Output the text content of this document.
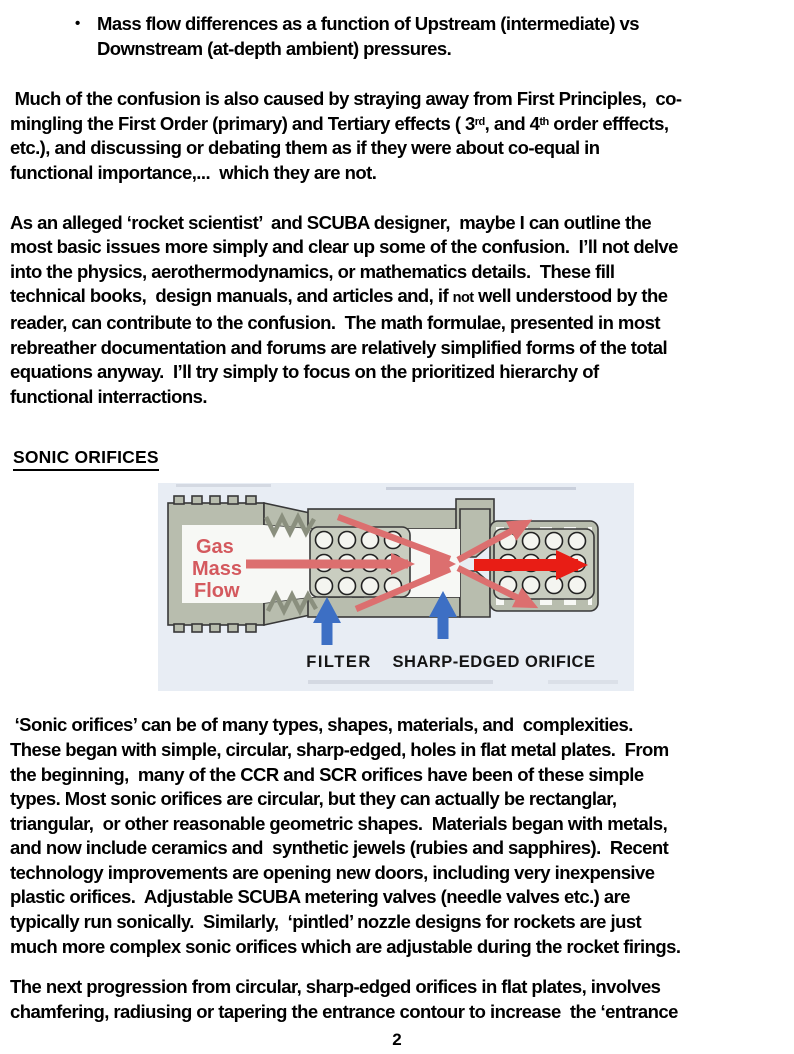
• Mass flow differences as a function of Upstream (intermediate) vs
Downstream (at-depth ambient) pressures.
Much of the confusion is also caused by straying away from First Principles,  co-
mingling the First Order (primary) and Tertiary effects ( 3rd, and 4th order efffects,
etc.), and discussing or debating them as if they were about co-equal in
functional importance,...  which they are not.
As an alleged ‘rocket scientist’  and SCUBA designer,  maybe I can outline the
most basic issues more simply and clear up some of the confusion.  I’ll not delve
into the physics, aerothermodynamics, or mathematics details.  These fill
technical books,  design manuals, and articles and, if not well understood by the
reader, can contribute to the confusion.  The math formulae, presented in most
rebreather documentation and forums are relatively simplified forms of the total
equations anyway.  I’ll try simply to focus on the prioritized hierarchy of
functional interractions.
SONIC ORIFICES
Gas
Mass
Flow
FILTER SHARP-EDGED ORIFICE
‘Sonic orifices’ can be of many types, shapes, materials, and  complexities.
These began with simple, circular, sharp-edged, holes in flat metal plates.  From
the beginning,  many of the CCR and SCR orifices have been of these simple
types. Most sonic orifices are circular, but they can actually be rectanglar,
triangular,  or other reasonable geometric shapes.  Materials began with metals,
and now include ceramics and  synthetic jewels (rubies and sapphires).  Recent
technology improvements are opening new doors, including very inexpensive
plastic orifices.  Adjustable SCUBA metering valves (needle valves etc.) are
typically run sonically.  Similarly,  ‘pintled’ nozzle designs for rockets are just
much more complex sonic orifices which are adjustable during the rocket firings.
The next progression from circular, sharp-edged orifices in flat plates, involves
chamfering, radiusing or tapering the entrance contour to increase  the ‘entrance
2
